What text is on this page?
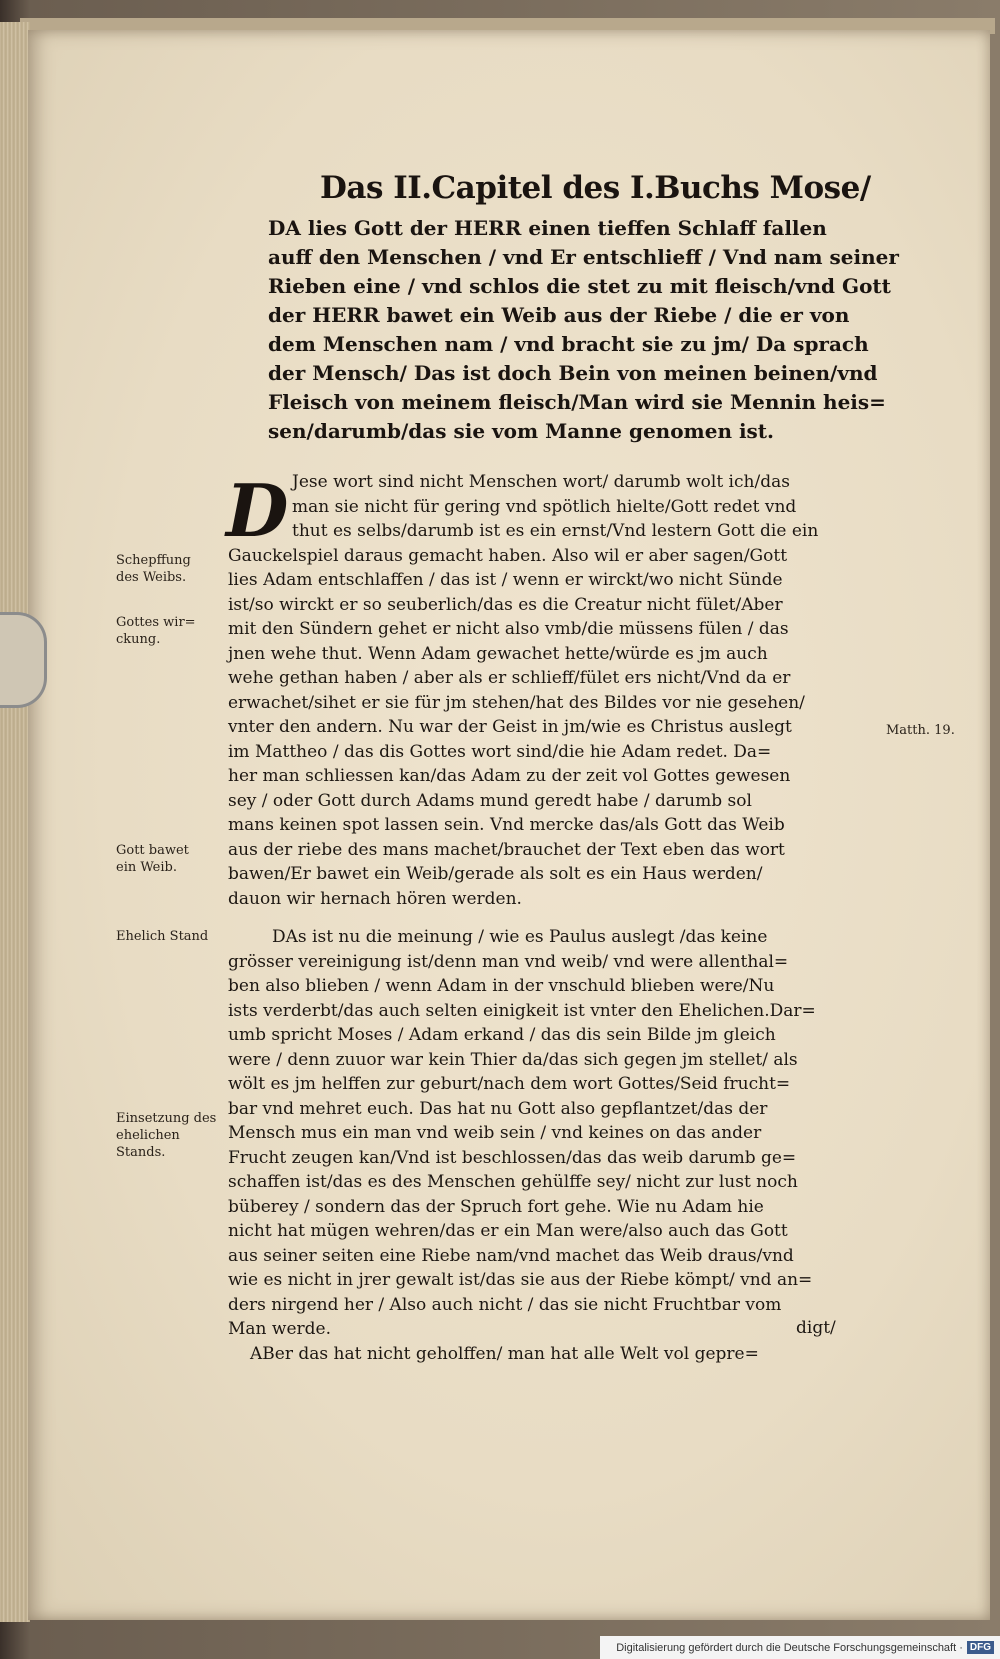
Das II.Capitel des I.Buchs Mose/
DA lies Gott der HERR einen tieffen Schlaff fallen
auff den Menschen / vnd Er entschlieff / Vnd nam seiner
Rieben eine / vnd schlos die stet zu mit fleisch/vnd Gott
der HERR bawet ein Weib aus der Riebe / die er von
dem Menschen nam / vnd bracht sie zu jm/ Da sprach
der Mensch/ Das ist doch Bein von meinen beinen/vnd
Fleisch von meinem fleisch/Man wird sie Mennin heis=
sen/darumb/das sie vom Manne genomen ist.
D Jese wort sind nicht Menschen wort/ darumb wolt ich/das
man sie nicht für gering vnd spötlich hielte/Gott redet vnd
thut es selbs/darumb ist es ein ernst/Vnd lestern Gott die ein
Gauckelspiel daraus gemacht haben. Also wil er aber sagen/Gott
lies Adam entschlaffen / das ist / wenn er wirckt/wo nicht Sünde
ist/so wirckt er so seuberlich/das es die Creatur nicht fület/Aber
mit den Sündern gehet er nicht also vmb/die müssens fülen / das
jnen wehe thut. Wenn Adam gewachet hette/würde es jm auch
wehe gethan haben / aber als er schlieff/fület ers nicht/Vnd da er
erwachet/sihet er sie für jm stehen/hat des Bildes vor nie gesehen/
vnter den andern. Nu war der Geist in jm/wie es Christus auslegt
im Mattheo / das dis Gottes wort sind/die hie Adam redet. Da=
her man schliessen kan/das Adam zu der zeit vol Gottes gewesen
sey / oder Gott durch Adams mund geredt habe / darumb sol
mans keinen spot lassen sein. Vnd mercke das/als Gott das Weib
aus der riebe des mans machet/brauchet der Text eben das wort
bawen/Er bawet ein Weib/gerade als solt es ein Haus werden/
dauon wir hernach hören werden.
DAs ist nu die meinung / wie es Paulus auslegt /das keine
grösser vereinigung ist/denn man vnd weib/ vnd were allenthal=
ben also blieben / wenn Adam in der vnschuld blieben were/Nu
ists verderbt/das auch selten einigkeit ist vnter den Ehelichen.Dar=
umb spricht Moses / Adam erkand / das dis sein Bilde jm gleich
were / denn zuuor war kein Thier da/das sich gegen jm stellet/ als
wölt es jm helffen zur geburt/nach dem wort Gottes/Seid frucht=
bar vnd mehret euch. Das hat nu Gott also gepflantzet/das der
Mensch mus ein man vnd weib sein / vnd keines on das ander
Frucht zeugen kan/Vnd ist beschlossen/das das weib darumb ge=
schaffen ist/das es des Menschen gehülffe sey/ nicht zur lust noch
büberey / sondern das der Spruch fort gehe. Wie nu Adam hie
nicht hat mügen wehren/das er ein Man were/also auch das Gott
aus seiner seiten eine Riebe nam/vnd machet das Weib draus/vnd
wie es nicht in jrer gewalt ist/das sie aus der Riebe kömpt/ vnd an=
ders nirgend her / Also auch nicht / das sie nicht Fruchtbar vom
Man werde.
ABer das hat nicht geholffen/ man hat alle Welt vol gepre=
digt/
Schepffung
des Weibs.
Gottes wir=
ckung.
Matth. 19.
Gott bawet
ein Weib.
Ehelich Stand
Einsetzung des
ehelichen
Stands.
Digitalisierung gefördert durch die Deutsche Forschungsgemeinschaft · DFG
